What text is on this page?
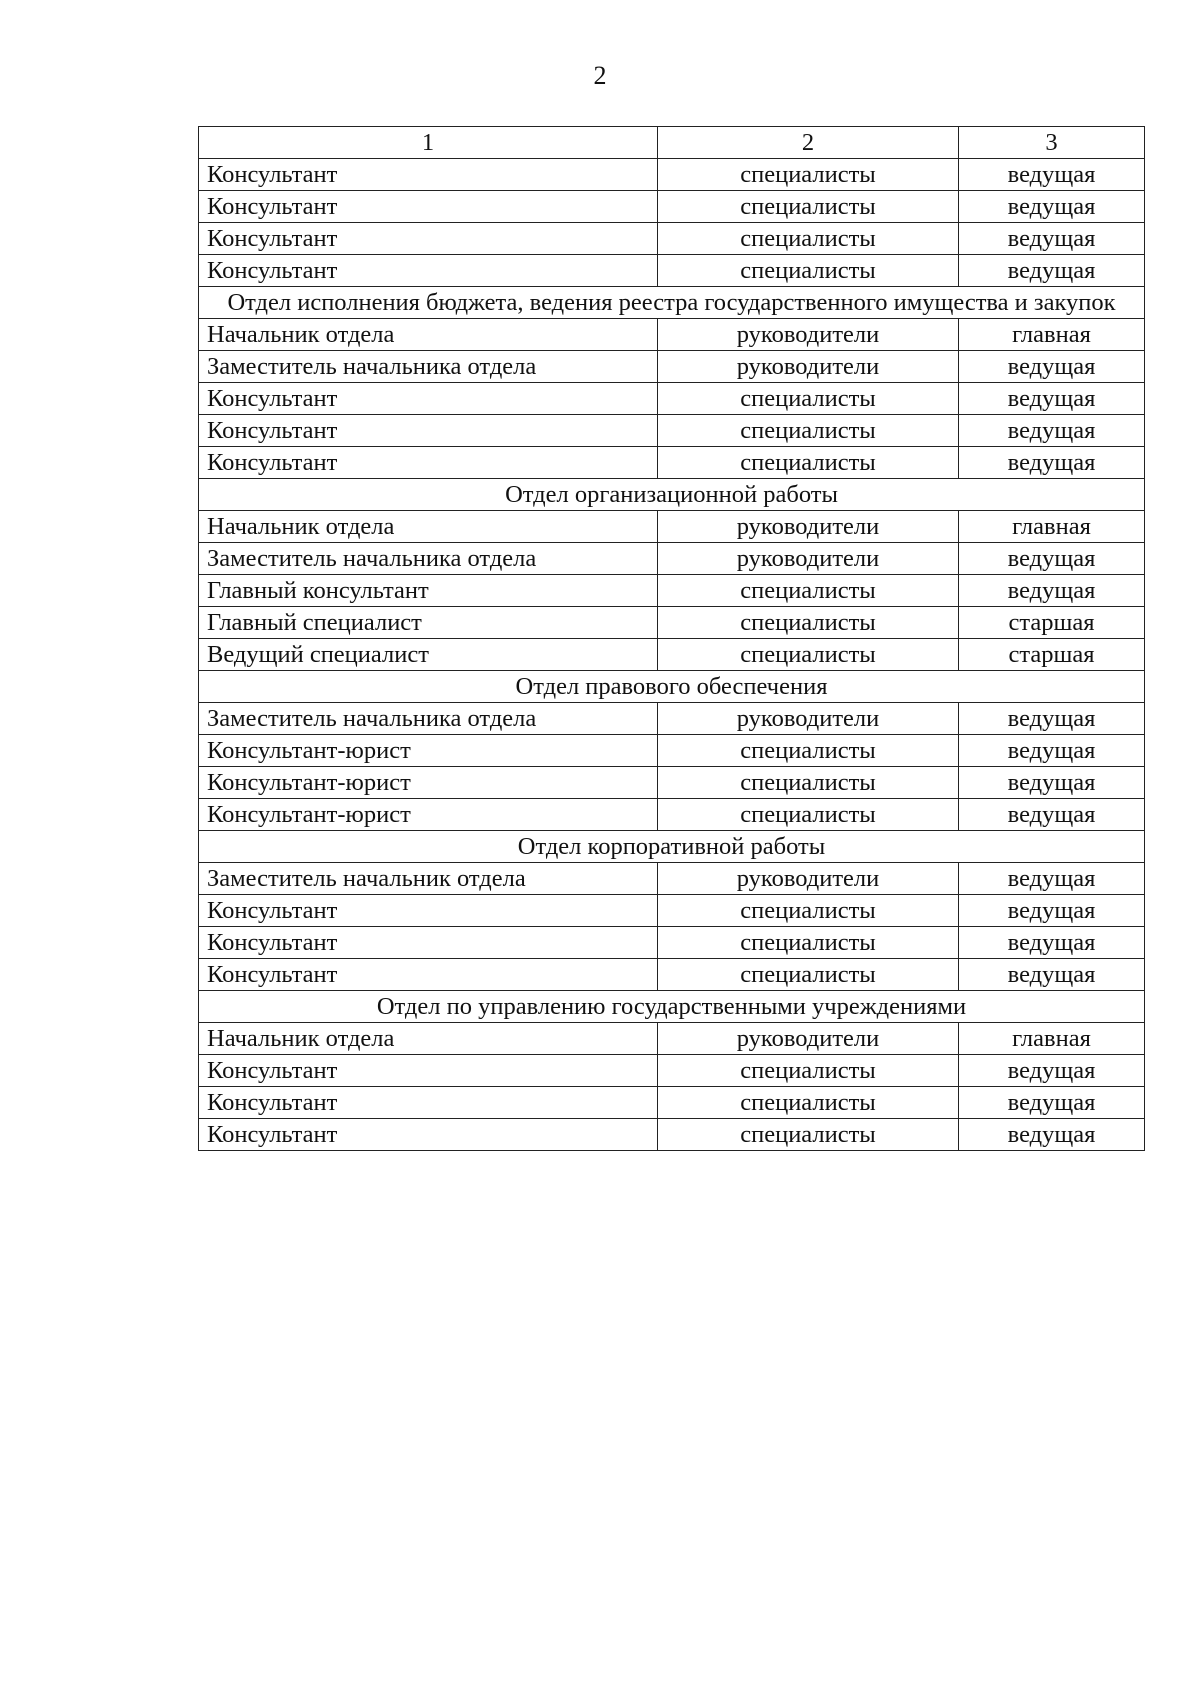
2
1	2	3
Консультант	специалисты	ведущая
Консультант	специалисты	ведущая
Консультант	специалисты	ведущая
Консультант	специалисты	ведущая
Отдел исполнения бюджета, ведения реестра государственного имущества и закупок		
Начальник отдела	руководители	главная
Заместитель начальника отдела	руководители	ведущая
Консультант	специалисты	ведущая
Консультант	специалисты	ведущая
Консультант	специалисты	ведущая
Отдел организационной работы		
Начальник отдела	руководители	главная
Заместитель начальника отдела	руководители	ведущая
Главный консультант	специалисты	ведущая
Главный специалист	специалисты	старшая
Ведущий специалист	специалисты	старшая
Отдел правового обеспечения		
Заместитель начальника отдела	руководители	ведущая
Консультант-юрист	специалисты	ведущая
Консультант-юрист	специалисты	ведущая
Консультант-юрист	специалисты	ведущая
Отдел корпоративной работы		
Заместитель начальник отдела	руководители	ведущая
Консультант	специалисты	ведущая
Консультант	специалисты	ведущая
Консультант	специалисты	ведущая
Отдел по управлению государственными учреждениями		
Начальник отдела	руководители	главная
Консультант	специалисты	ведущая
Консультант	специалисты	ведущая
Консультант	специалисты	ведущая
